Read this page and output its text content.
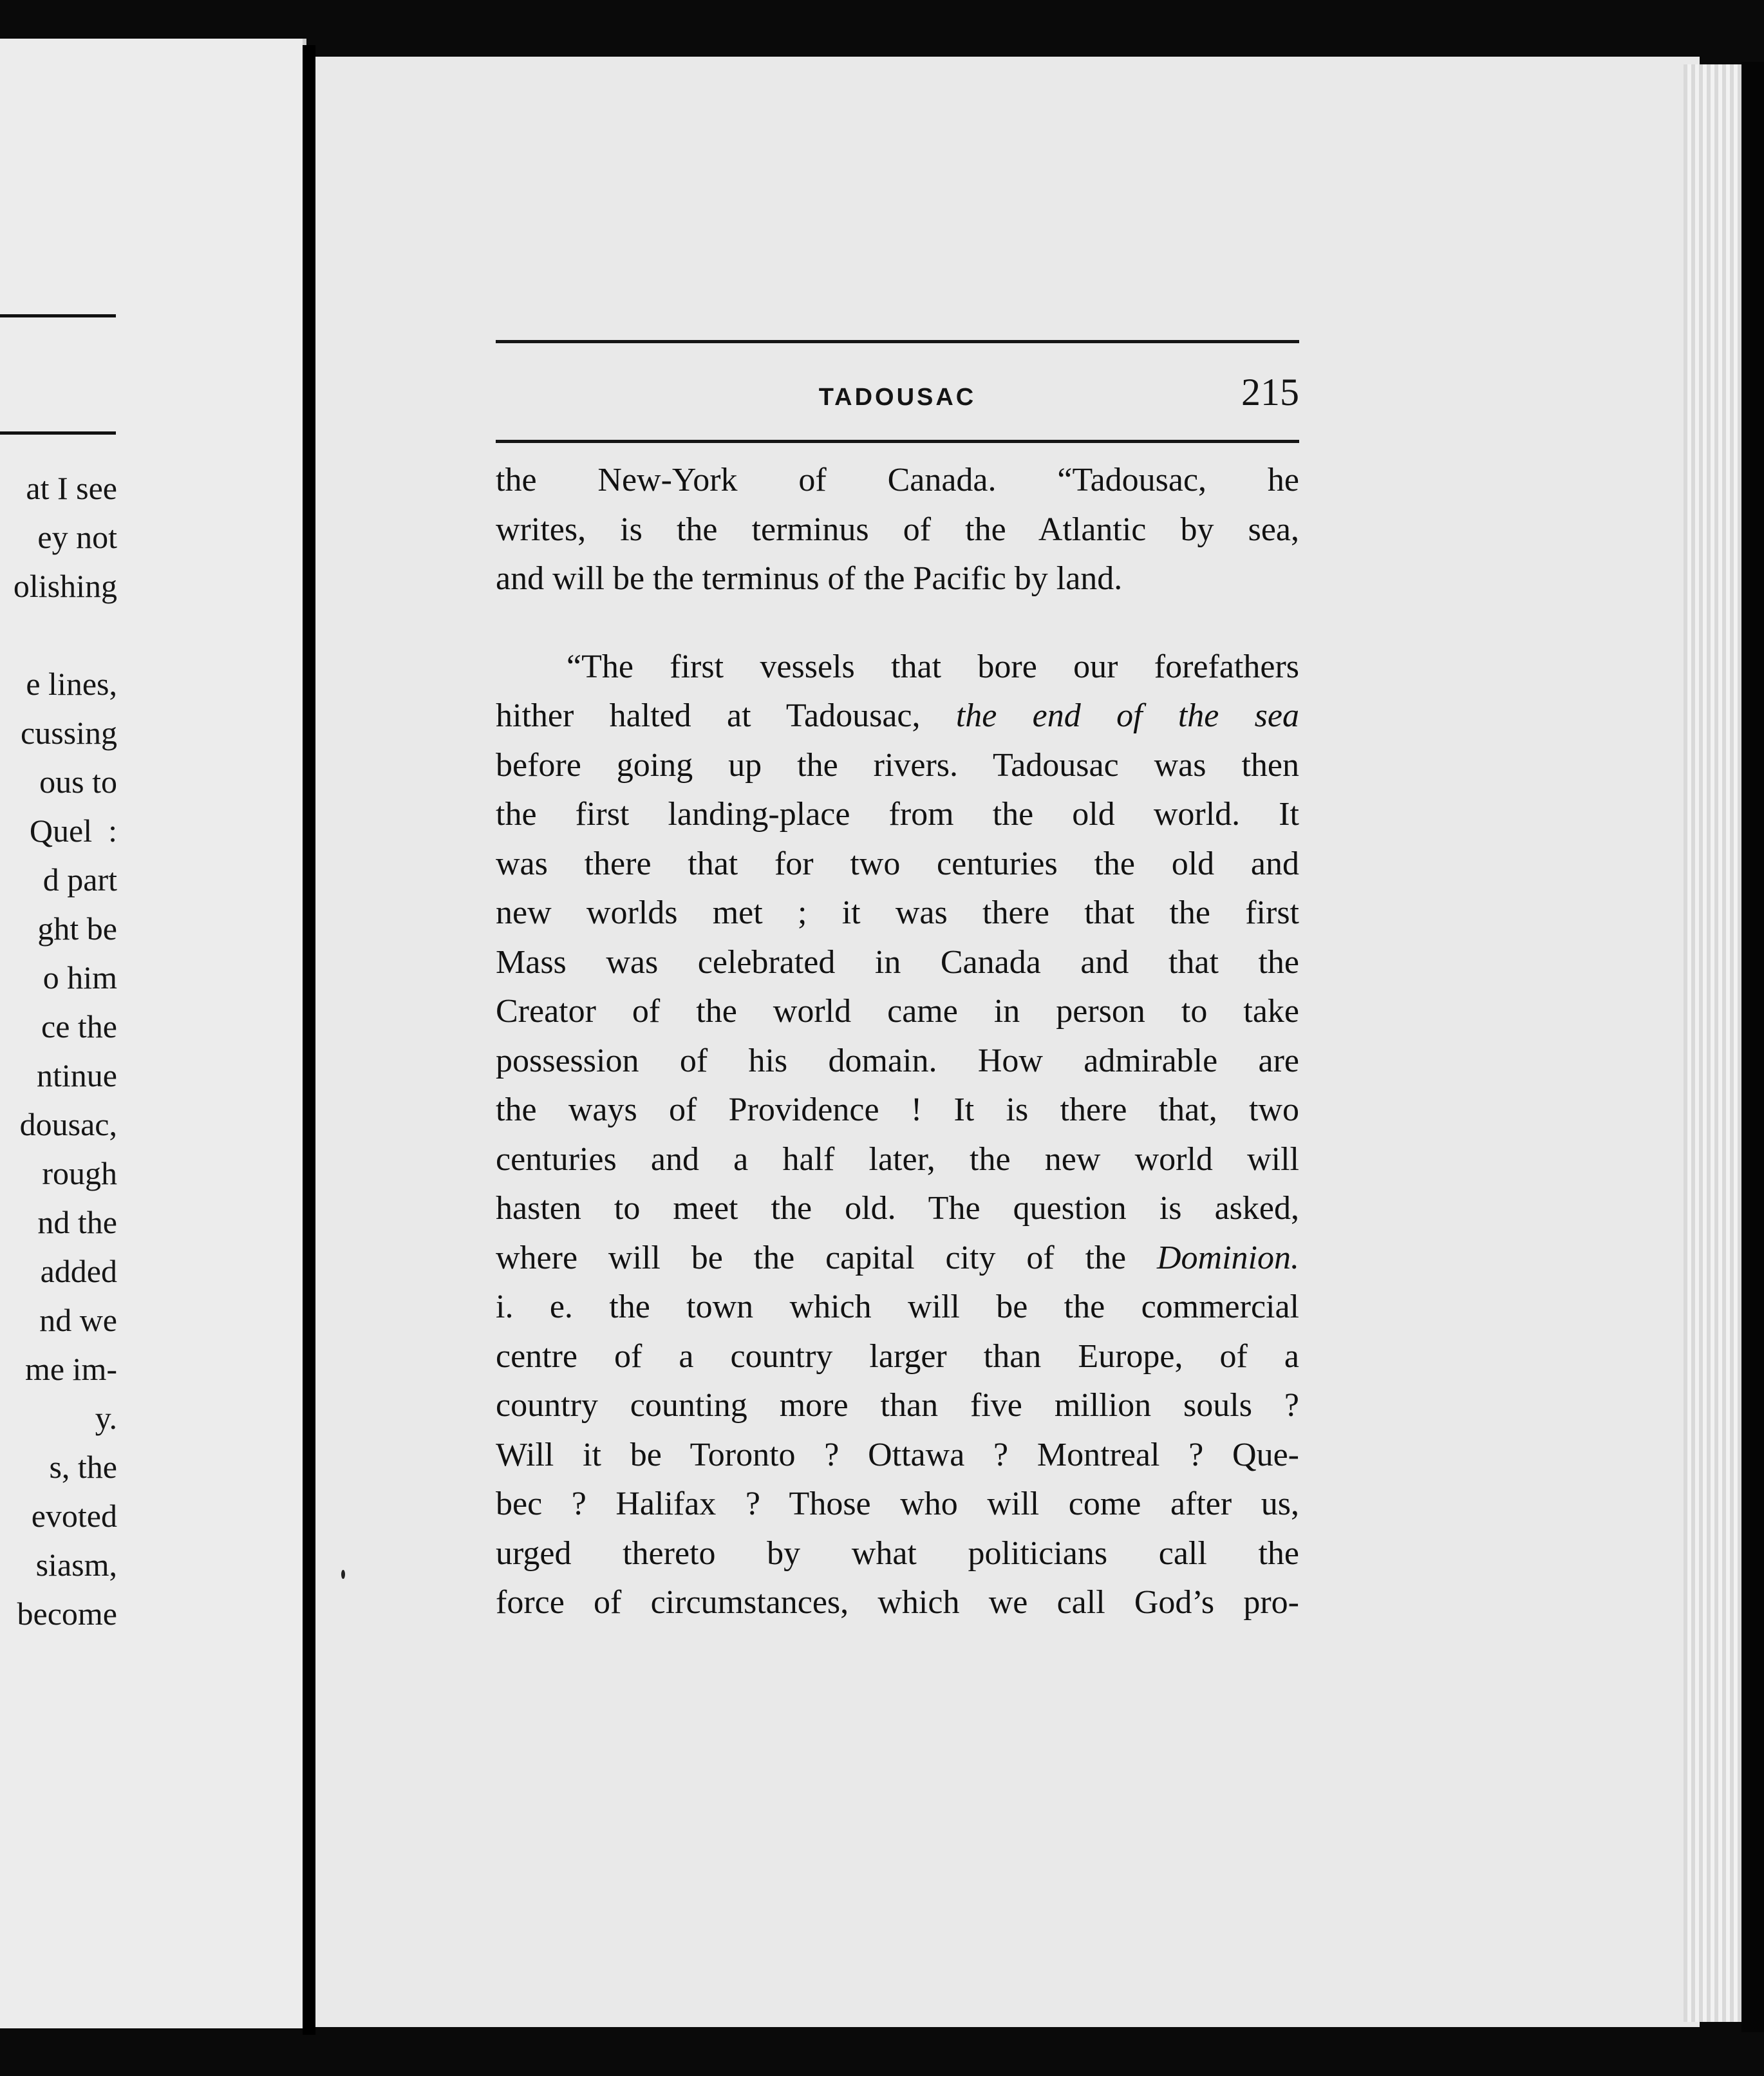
at I see
ey not
olishing
e lines,
cussing
ous to
Quel  :
d part
ght be
o him
ce the
ntinue
dousac,
rough
nd the
added
nd we
me im-
y.
s, the
evoted
siasm,
become
TADOUSAC	215
the New-York of Canada. “Tadousac, he
writes, is the terminus of the Atlantic by sea,
and will be the terminus of the Pacific by land.
“The first vessels that bore our forefathers
hither halted at Tadousac, the end of the sea
before going up the rivers. Tadousac was then
the first landing-place from the old world. It
was there that for two centuries the old and
new worlds met ; it was there that the first
Mass was celebrated in Canada and that the
Creator of the world came in person to take
possession of his domain. How admirable are
the ways of Providence ! It is there that, two
centuries and a half later, the new world will
hasten to meet the old. The question is asked,
where will be the capital city of the Dominion.
i. e. the town which will be the commercial
centre of a country larger than Europe, of a
country counting more than five million souls ?
Will it be Toronto ? Ottawa ? Montreal ? Que-
bec ? Halifax ? Those who will come after us,
urged thereto by what politicians call the
force of circumstances, which we call God’s pro-
